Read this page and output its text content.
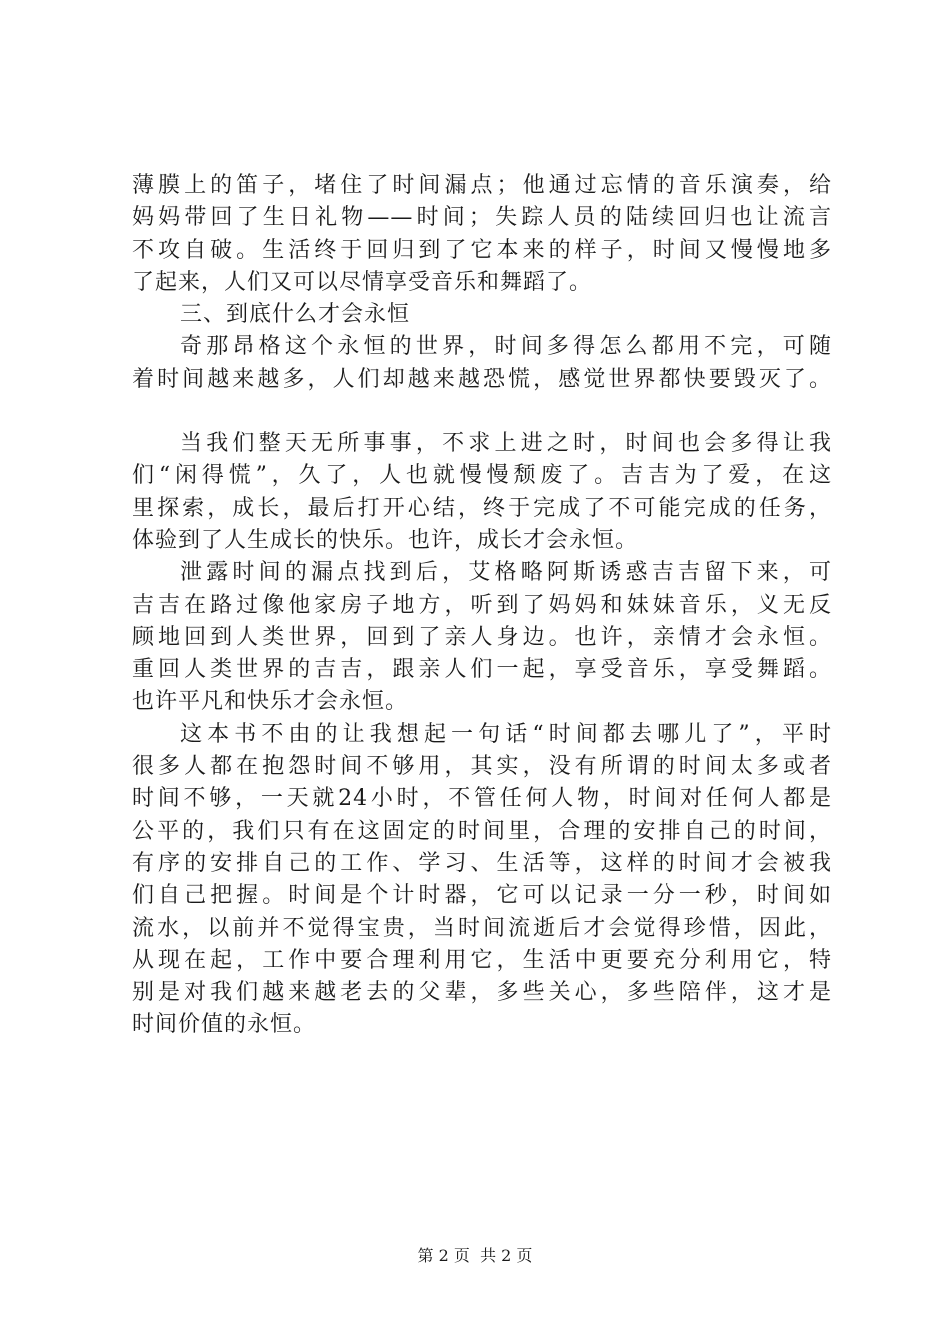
薄膜上的笛子，堵住了时间漏点；他通过忘情的音乐演奏，给
妈妈带回了生日礼物——时间；失踪人员的陆续回归也让流言
不攻自破。生活终于回归到了它本来的样子，时间又慢慢地多
了起来，人们又可以尽情享受音乐和舞蹈了。
三、到底什么才会永恒
奇那昂格这个永恒的世界，时间多得怎么都用不完，可随
着时间越来越多，人们却越来越恐慌，感觉世界都快要毁灭了。
当我们整天无所事事，不求上进之时，时间也会多得让我
们“闲得慌”，久了，人也就慢慢颓废了。吉吉为了爱，在这
里探索，成长，最后打开心结，终于完成了不可能完成的任务，
体验到了人生成长的快乐。也许，成长才会永恒。
泄露时间的漏点找到后，艾格略阿斯诱惑吉吉留下来，可
吉吉在路过像他家房子地方，听到了妈妈和妹妹音乐，义无反
顾地回到人类世界，回到了亲人身边。也许，亲情才会永恒。
重回人类世界的吉吉，跟亲人们一起，享受音乐，享受舞蹈。
也许平凡和快乐才会永恒。
这本书不由的让我想起一句话“时间都去哪儿了”，平时
很多人都在抱怨时间不够用，其实，没有所谓的时间太多或者
时间不够，一天就24小时，不管任何人物，时间对任何人都是
公平的，我们只有在这固定的时间里，合理的安排自己的时间，
有序的安排自己的工作、学习、生活等，这样的时间才会被我
们自己把握。时间是个计时器，它可以记录一分一秒，时间如
流水，以前并不觉得宝贵，当时间流逝后才会觉得珍惜，因此，
从现在起，工作中要合理利用它，生活中更要充分利用它，特
别是对我们越来越老去的父辈，多些关心，多些陪伴，这才是
时间价值的永恒。
第 2 页  共 2 页
